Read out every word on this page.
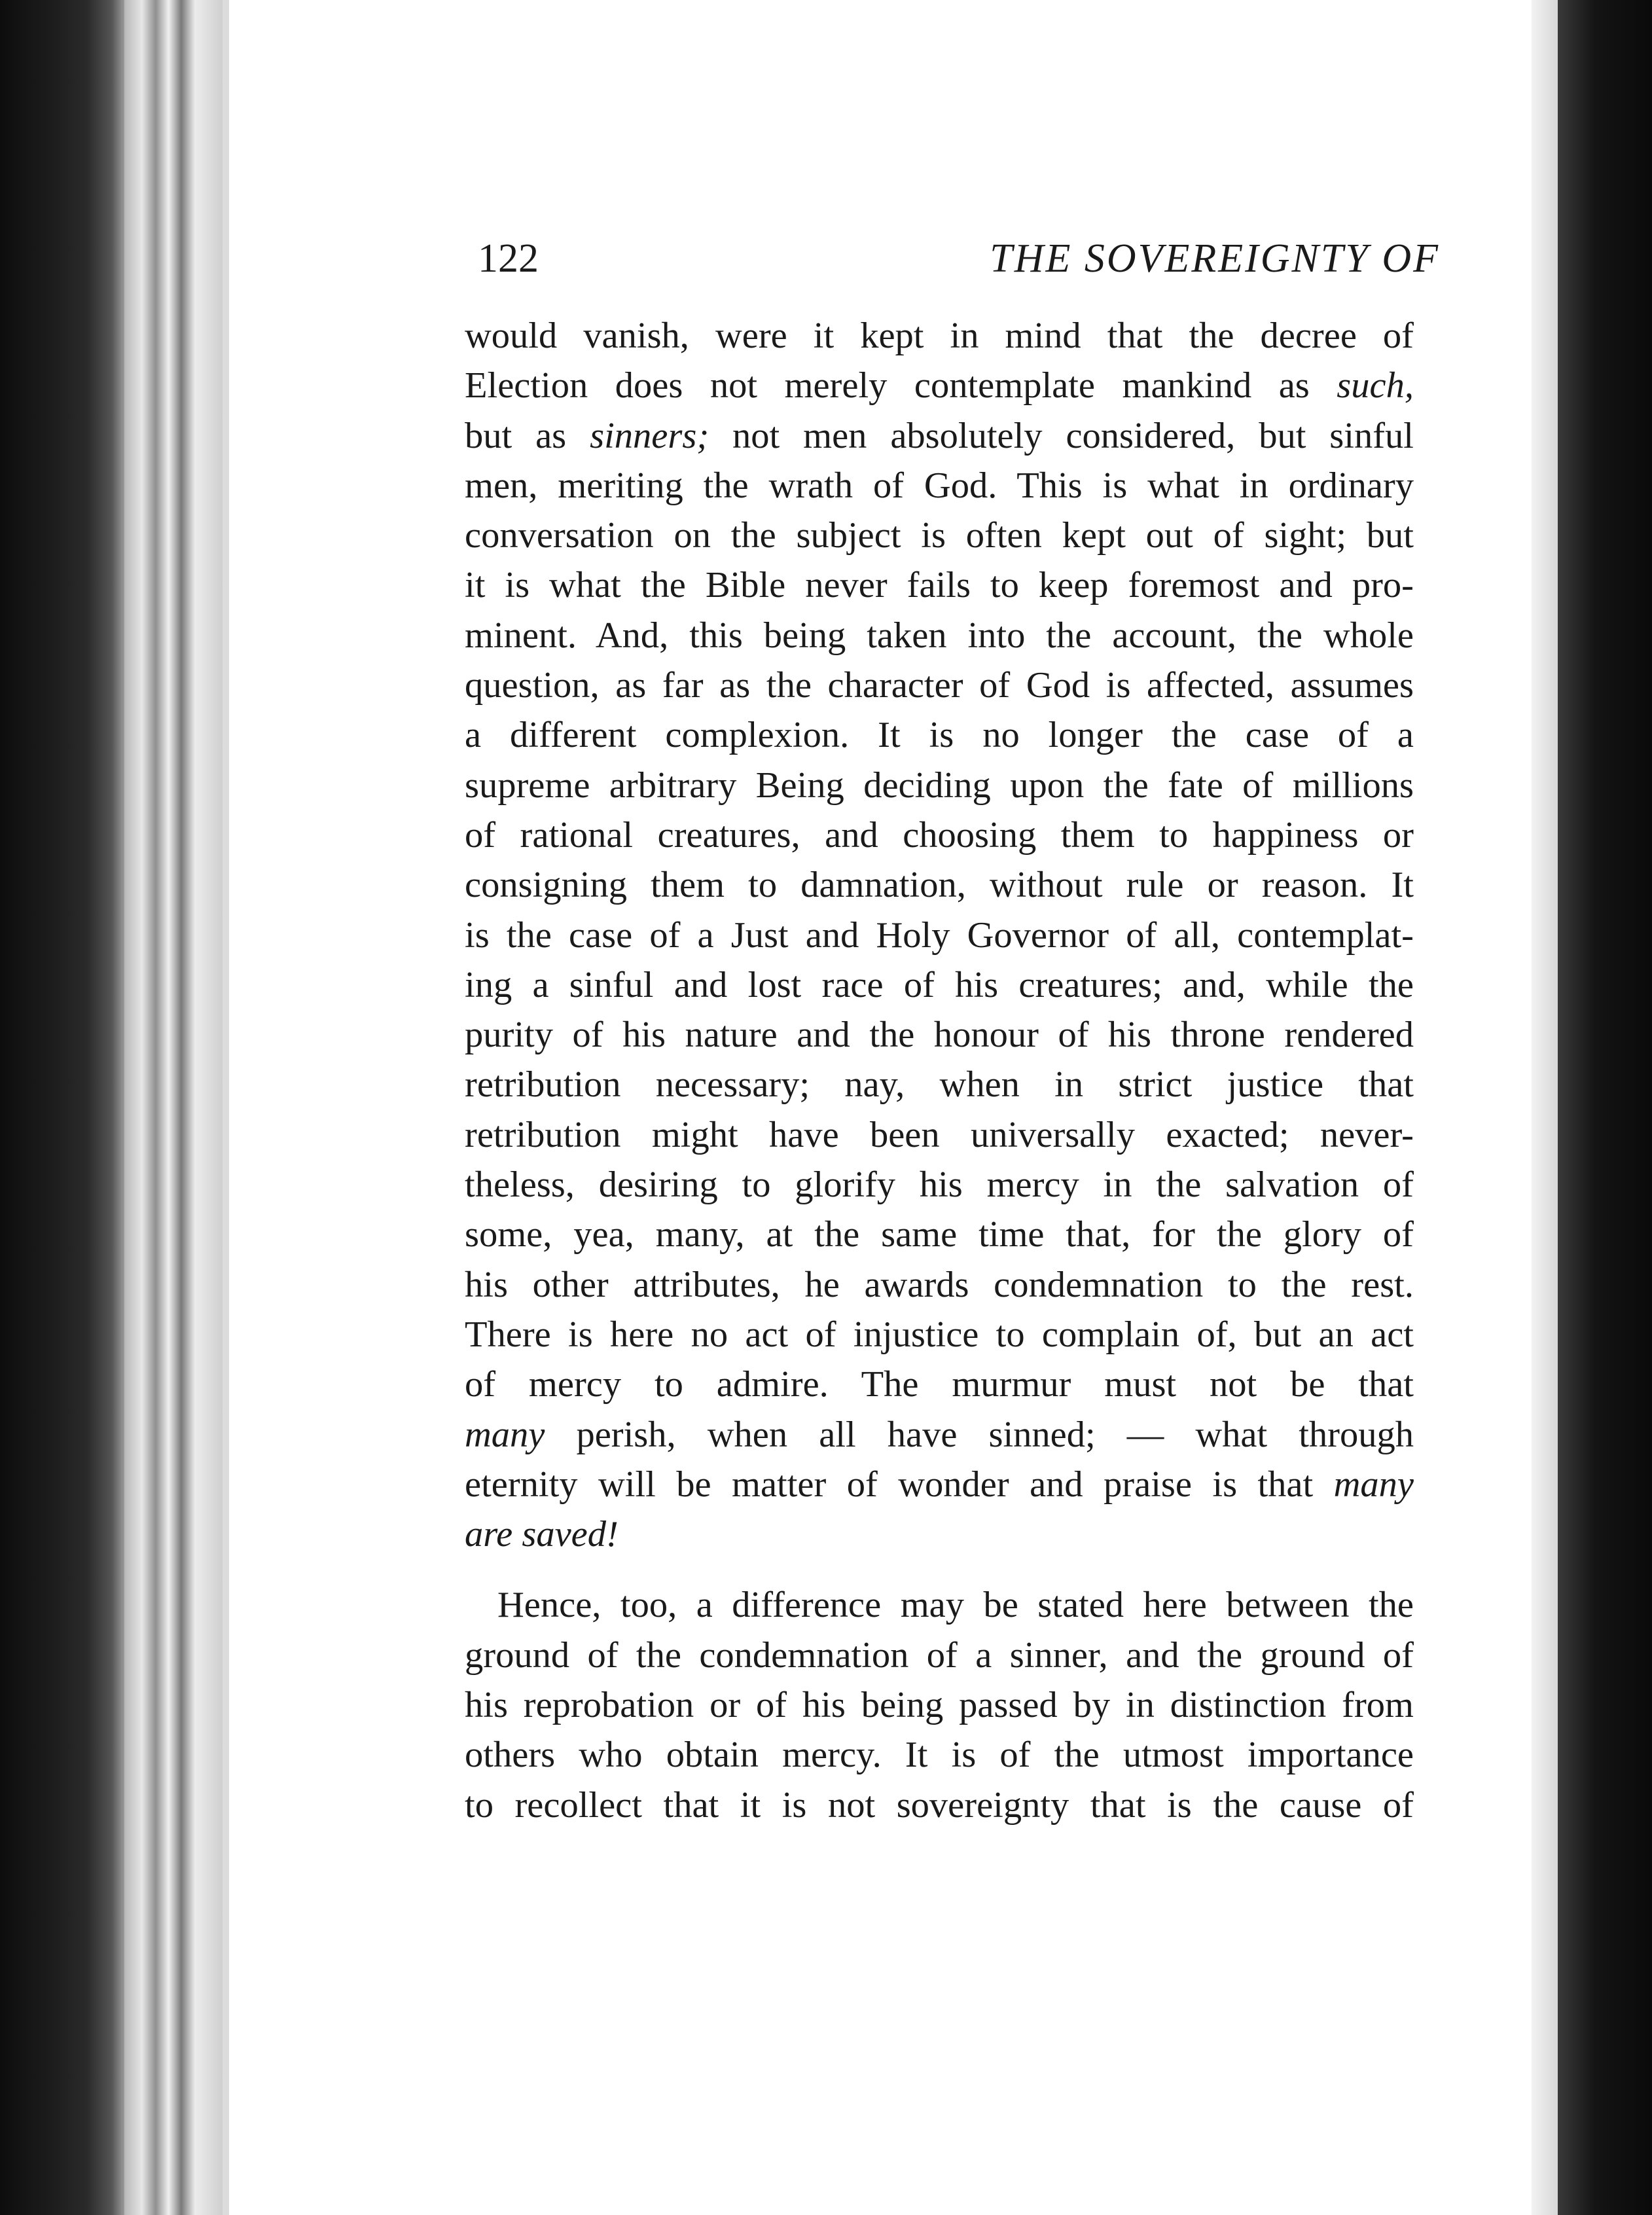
122	THE SOVEREIGNTY OF
would vanish, were it kept in mind that the decree of
Election does not merely contemplate mankind as such,
but as sinners; not men absolutely considered, but sinful
men, meriting the wrath of God. This is what in ordinary
conversation on the subject is often kept out of sight; but
it is what the Bible never fails to keep foremost and pro-
minent. And, this being taken into the account, the whole
question, as far as the character of God is affected, assumes
a different complexion. It is no longer the case of a
supreme arbitrary Being deciding upon the fate of millions
of rational creatures, and choosing them to happiness or
consigning them to damnation, without rule or reason. It
is the case of a Just and Holy Governor of all, contemplat-
ing a sinful and lost race of his creatures; and, while the
purity of his nature and the honour of his throne rendered
retribution necessary; nay, when in strict justice that
retribution might have been universally exacted; never-
theless, desiring to glorify his mercy in the salvation of
some, yea, many, at the same time that, for the glory of
his other attributes, he awards condemnation to the rest.
There is here no act of injustice to complain of, but an act
of mercy to admire. The murmur must not be that
many perish, when all have sinned; — what through
eternity will be matter of wonder and praise is that many
are saved!
Hence, too, a difference may be stated here between the
ground of the condemnation of a sinner, and the ground of
his reprobation or of his being passed by in distinction from
others who obtain mercy. It is of the utmost importance
to recollect that it is not sovereignty that is the cause of
